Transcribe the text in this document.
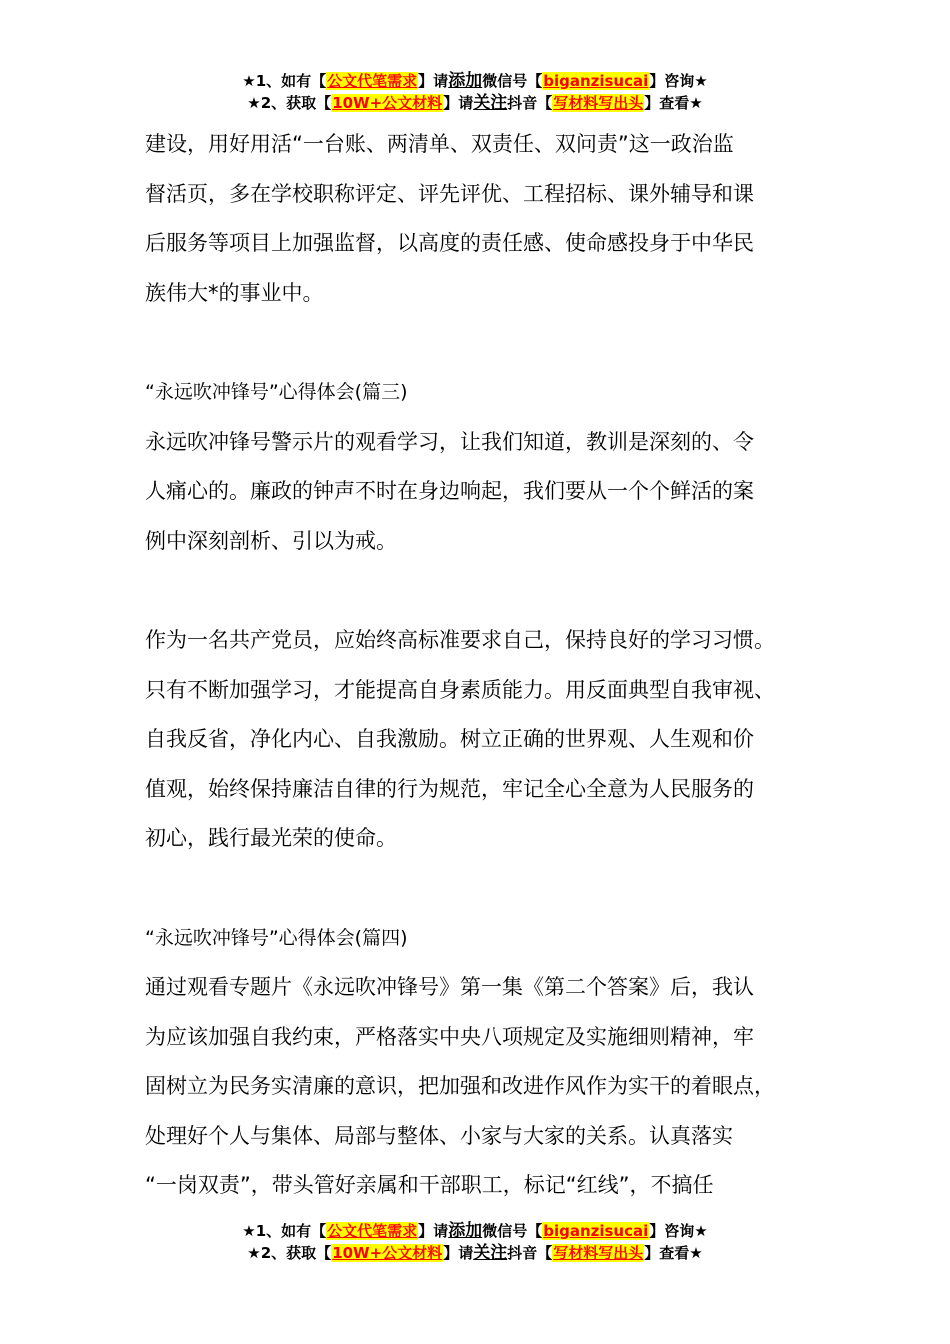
★1、如有【公文代笔需求】请添加微信号【biganzisucai】咨询★
★2、获取【10W+公文材料】请关注抖音【写材料写出头】查看★

建设，用好用活“一台账、两清单、双责任、双问责”这一政治监

督活页，多在学校职称评定、评先评优、工程招标、课外辅导和课

后服务等项目上加强监督，以高度的责任感、使命感投身于中华民

族伟大*的事业中。

“永远吹冲锋号”心得体会(篇三)

永远吹冲锋号警示片的观看学习，让我们知道，教训是深刻的、令

人痛心的。廉政的钟声不时在身边响起，我们要从一个个鲜活的案

例中深刻剖析、引以为戒。

作为一名共产党员，应始终高标准要求自己，保持良好的学习习惯。

只有不断加强学习，才能提高自身素质能力。用反面典型自我审视、

自我反省，净化内心、自我激励。树立正确的世界观、人生观和价

值观，始终保持廉洁自律的行为规范，牢记全心全意为人民服务的

初心，践行最光荣的使命。

“永远吹冲锋号”心得体会(篇四)

通过观看专题片《永远吹冲锋号》第一集《第二个答案》后，我认

为应该加强自我约束，严格落实中央八项规定及实施细则精神，牢

固树立为民务实清廉的意识，把加强和改进作风作为实干的着眼点，

处理好个人与集体、局部与整体、小家与大家的关系。认真落实

“一岗双责”，带头管好亲属和干部职工，标记“红线”，不搞任

★1、如有【公文代笔需求】请添加微信号【biganzisucai】咨询★
★2、获取【10W+公文材料】请关注抖音【写材料写出头】查看★
